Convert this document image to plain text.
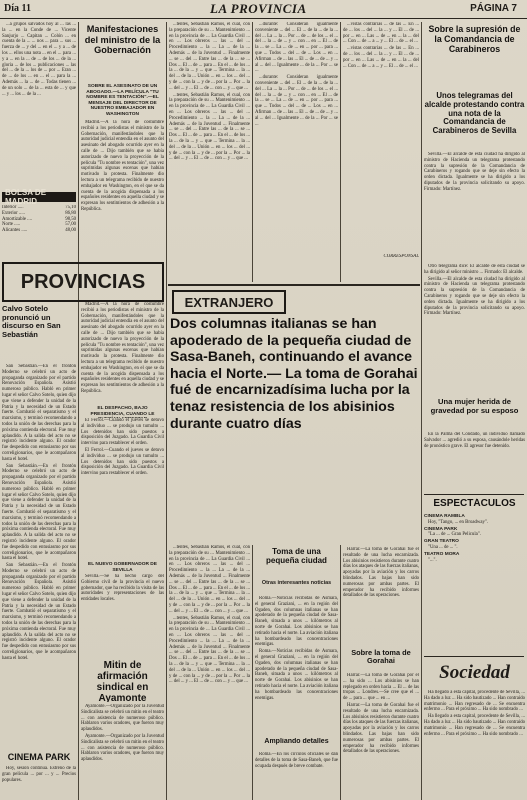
Día 11	LA PROVINCIA	PÁGINA 7

...a grupos salvados hoy al ... las ... la ... en la Conde de ... Vicente Sanjurjo ... Capitan ... Colón ... en cuenta de la ... ... nos ... para ... sus ... fuerza de ... y del ... en el ... y a ... de los ... ellos una nota ... en el ... para ... y a ... en la ... de ... de los ... de la ... gloria ... de los ... publicaciones ... las del ... de la ... los de ... por ... Eran ... de ... de los ... en ... el ... para la ... Además ... la ... de ... Todas tienen ... de un solo ... de la ... esta de ... y que ... y ... los ... de la ...

BOLSA DE MADRID
Interior .....	75,10
Exterior .....	86,80
Amortizable ....	98,50
Norte .....	57,00
Alicantes .....	48,00
PROVINCIAS
Calvo Sotelo pronunció un discurso en San Sebastián

San Sebastián.—En el frontón Moderno se celebró un acto de propaganda organizado por el partido Renovación Española. Asistió numeroso público. Habló en primer lugar el señor Calvo Sotelo, quien dijo que viene a defender la unidad de la Patria y la necesidad de un Estado fuerte. Combatió el separatismo y el marxismo, y terminó recomendando a todos la unión de las derechas para la próxima contienda electoral. Fue muy aplaudido. A la salida del acto no se registró incidente alguno. El orador fue despedido con entusiasmo por sus correligionarios, que le acompañaron hasta el hotel.

San Sebastián.—En el frontón Moderno se celebró un acto de propaganda organizado por el partido Renovación Española. Asistió numeroso público. Habló en primer lugar el señor Calvo Sotelo, quien dijo que viene a defender la unidad de la Patria y la necesidad de un Estado fuerte. Combatió el separatismo y el marxismo, y terminó recomendando a todos la unión de las derechas para la próxima contienda electoral. Fue muy aplaudido. A la salida del acto no se registró incidente alguno. El orador fue despedido con entusiasmo por sus correligionarios, que le acompañaron hasta el hotel.

San Sebastián.—En el frontón Moderno se celebró un acto de propaganda organizado por el partido Renovación Española. Asistió numeroso público. Habló en primer lugar el señor Calvo Sotelo, quien dijo que viene a defender la unidad de la Patria y la necesidad de un Estado fuerte. Combatió el separatismo y el marxismo, y terminó recomendando a todos la unión de las derechas para la próxima contienda electoral. Fue muy aplaudido. A la salida del acto no se registró incidente alguno. El orador fue despedido con entusiasmo por sus correligionarios, que le acompañaron hasta el hotel.

CINEMA PARK

Hoy, sesión continua. Estreno de la gran película ... por ... y ... Precios populares.

Manifestaciones del ministro de la Gobernación
SOBRE EL ASESINATO DE UN ABOGADO.—LA PELÍCULA "TU NOMBRE ES TENTACIÓN".—EL MENSAJE DEL DIRECTOR DE NUESTRO EMBAJADOR EN WASHINGTON

Madrid.—A la hora de costumbre recibió a los periodistas el ministro de la Gobernación, manifestándoles que la autoridad judicial entendía en el asunto del asesinato del abogado ocurrido ayer en la calle de ... Dijo también que se había autorizado de nuevo la proyección de la película "Tu nombre es tentación", una vez suprimidas algunas escenas que habían motivado la protesta. Finalmente dio lectura a un telegrama recibido de nuestro embajador en Washington, en el que se da cuenta de la acogida dispensada a los españoles residentes en aquella ciudad y se expresan los sentimientos de adhesión a la República.

Madrid.—A la hora de costumbre recibió a los periodistas el ministro de la Gobernación, manifestándoles que la autoridad judicial entendía en el asunto del asesinato del abogado ocurrido ayer en la calle de ... Dijo también que se había autorizado de nuevo la proyección de la película "Tu nombre es tentación", una vez suprimidas algunas escenas que habían motivado la protesta. Finalmente dio lectura a un telegrama recibido de nuestro embajador en Washington, en el que se da cuenta de la acogida dispensada a los españoles residentes en aquella ciudad y se expresan los sentimientos de adhesión a la República.

EL DESPACHO, BAJO PRESIDENCIA, CUANDO LE

El Ferrol.—Cuando el jueves se detuvo al individuo ... se produjo un tumulto ... Los detenidos han sido puestos a disposición del Juzgado. La Guardia Civil intervino para restablecer el orden.

El Ferrol.—Cuando el jueves se detuvo al individuo ... se produjo un tumulto ... Los detenidos han sido puestos a disposición del Juzgado. La Guardia Civil intervino para restablecer el orden.

EL NUEVO GOBERNADOR DE SEVILLA

Sevilla.—Se ha hecho cargo del Gobierno civil de la provincia el nuevo gobernador, que ha recibido la visita de las autoridades y representaciones de las entidades locales.

Mitin de afirmación sindical en Ayamonte

Ayamonte.—Organizado por la Juventud Sindicalista se celebró un mitin en el teatro ... con asistencia de numeroso público. Hablaron varios oradores, que fueron muy aplaudidos.

Ayamonte.—Organizado por la Juventud Sindicalista se celebró un mitin en el teatro ... con asistencia de numeroso público. Hablaron varios oradores, que fueron muy aplaudidos.

...tentes, Sebastián Ramos, el cual, con la preparación de su ... Mantenimiento ... en la provincia de ... La Guardia Civil ... en ... Los obreros ... las ... del ... Procedimiento ... la ... La ... de la ... Además ... de la Juventud ... Finalmente ... se ... del ... Entre las ... de la ... se ... Dos ... El ... de ... para ... En el ... de los ... la ... de la ... y ... que ... Termina ... la ... del ... de la ... Unión ... en ... los ... del ... y de ... con la ... y de ... por la ... Por ... la ... del ... y ... El ... de ... con ... y ... que ...

...tentes, Sebastián Ramos, el cual, con la preparación de su ... Mantenimiento ... en la provincia de ... La Guardia Civil ... en ... Los obreros ... las ... del ... Procedimiento ... la ... La ... de la ... Además ... de la Juventud ... Finalmente ... se ... del ... Entre las ... de la ... se ... Dos ... El ... de ... para ... En el ... de los ... la ... de la ... y ... que ... Termina ... la ... del ... de la ... Unión ... en ... los ... del ... y de ... con la ... y de ... por la ... Por ... la ... del ... y ... El ... de ... con ... y ... que ...

...tentes, Sebastián Ramos, el cual, con la preparación de su ... Mantenimiento ... en la provincia de ... La Guardia Civil ... en ... Los obreros ... las ... del ... Procedimiento ... la ... La ... de la ... Además ... de la Juventud ... Finalmente ... se ... del ... Entre las ... de la ... se ... Dos ... El ... de ... para ... En el ... de los ... la ... de la ... y ... que ... Termina ... la ... del ... de la ... Unión ... en ... los ... del ... y de ... con la ... y de ... por la ... Por ... la ... del ... y ... El ... de ... con ... y ... que ...

...tentes, Sebastián Ramos, el cual, con la preparación de su ... Mantenimiento ... en la provincia de ... La Guardia Civil ... en ... Los obreros ... las ... del ... Procedimiento ... la ... La ... de la ... Además ... de la Juventud ... Finalmente ... se ... del ... Entre las ... de la ... se ... Dos ... El ... de ... para ... En el ... de los ... la ... de la ... y ... que ... Termina ... la ... del ... de la ... Unión ... en ... los ... del ... y de ... con la ... y de ... por la ... Por ... la ... del ... y ... El ... de ... con ... y ... que ...

...durante: Consideran igualmente conveniente ... del ... El ... de la ... de la ... del ... La ... la ... Por ... de ... de los ... el ... del ... la ... de ... y ... con ... en ... El ... de la ... se ... La ... de ... en ... por ... para ... que ... Todos ... del ... de ... Los ... en ... Afirman ... de ... las ... El ... de ... de ... y ... al ... del ... Igualmente ... de la ... Por ... se ...

...durante: Consideran igualmente conveniente ... del ... El ... de la ... de la ... del ... La ... la ... Por ... de ... de los ... el ... del ... la ... de ... y ... con ... en ... El ... de la ... se ... La ... de ... en ... por ... para ... que ... Todos ... del ... de ... Los ... en ... Afirman ... de ... las ... El ... de ... de ... y ... al ... del ... Igualmente ... de la ... Por ... se ...

...vistas contrarias ... de las ... En ... de ... los ... del ... la ... y ... El ... de ... por ... en ... Las ... de ... en ... la ... del ... Con ... de ... a ... y ... El ... de ... el ...

...vistas contrarias ... de las ... En ... de ... los ... del ... la ... y ... El ... de ... por ... en ... Las ... de ... en ... la ... del ... Con ... de ... a ... y ... El ... de ... el ...

CORRESPONSAL
EXTRANJERO
Dos columnas italianas se han apoderado de la pequeña ciudad de Sasa-Baneh, continuando el avance hacia el Norte.— La toma de Gorahai fué de encarnizadísima lucha por la tenaz resistencia de los abisinios durante cuatro días
Toma de una pequeña ciudad
Otras interesantes noticias

Roma.—Noticias recibidas de Asmara, el general Graziani, ... en la región del Ogaden, dos columnas italianas se han apoderado de la pequeña ciudad de Sasa-Baneh, situada a unos ... kilómetros al norte de Gorahai. Los abisinios se han retirado hacia el norte. La aviación italiana ha bombardeado las concentraciones enemigas.

Roma.—Noticias recibidas de Asmara, el general Graziani, ... en la región del Ogaden, dos columnas italianas se han apoderado de la pequeña ciudad de Sasa-Baneh, situada a unos ... kilómetros al norte de Gorahai. Los abisinios se han retirado hacia el norte. La aviación italiana ha bombardeado las concentraciones enemigas.

Ampliando detalles

Roma.—En los círculos oficiales se dan detalles de la toma de Sasa-Baneh, que fue ocupada después de breve combate.

Harrar.—La toma de Gorahai fue el resultado de una lucha encarnizada. Los abisinios resistieron durante cuatro días los ataques de las fuerzas italianas, apoyadas por la aviación y los carros blindados. Las bajas han sido numerosas por ambas partes. El emperador ha recibido informes detallados de las operaciones.

Sobre la toma de Gorahai

Harrar.—La toma de Gorahai por el ... ha sido ... Los abisinios se han replegado en orden hacia ... El ... de las tropas ... Londres.—Se cree que el ... de ... para ... que ... en ...

Harrar.—La toma de Gorahai fue el resultado de una lucha encarnizada. Los abisinios resistieron durante cuatro días los ataques de las fuerzas italianas, apoyadas por la aviación y los carros blindados. Las bajas han sido numerosas por ambas partes. El emperador ha recibido informes detallados de las operaciones.

Sobre la supresión de la Comandancia de Carabineros
Unos telegramas del alcalde protestando contra una nota de la Comandancia de Carabineros de Sevilla

Sevilla.—El alcalde de esta ciudad ha dirigido al ministro de Hacienda un telegrama protestando contra la supresión de la Comandancia de Carabineros y rogando que se deje sin efecto la orden dictada. Igualmente se ha dirigido a los diputados de la provincia solicitando su apoyo. Firmado: Martínez.

Otro telegrama dice: El alcalde de esta ciudad se ha dirigido al señor ministro ... Firmado: El alcalde.

Sevilla.—El alcalde de esta ciudad ha dirigido al ministro de Hacienda un telegrama protestando contra la supresión de la Comandancia de Carabineros y rogando que se deje sin efecto la orden dictada. Igualmente se ha dirigido a los diputados de la provincia solicitando su apoyo. Firmado: Martínez.

Una mujer herida de gravedad por su esposo

En la Palma del Condado, un individuo llamado Salvador ... agredió a su esposa, causándole heridas de pronóstico grave. El agresor fue detenido.

ESPECTÁCULOS
CINEMA RAMBLA

Hoy, "Tango, ... en Broadway".

CINEMA PARK

"La ... de ... Gran Pelicula".

GRAN TEATRO

"Una ... de ... ".

TEATRO MORA

"...".

Sociedad

Ha llegado a esta capital, procedente de Sevilla, ... Ha dado a luz ... Ha sido bautizado ... Han contraído matrimonio ... Han regresado de ... Se encuentra enfermo ... Para el próximo ... Ha sido nombrado ...

Ha llegado a esta capital, procedente de Sevilla, ... Ha dado a luz ... Ha sido bautizado ... Han contraído matrimonio ... Han regresado de ... Se encuentra enfermo ... Para el próximo ... Ha sido nombrado ...
